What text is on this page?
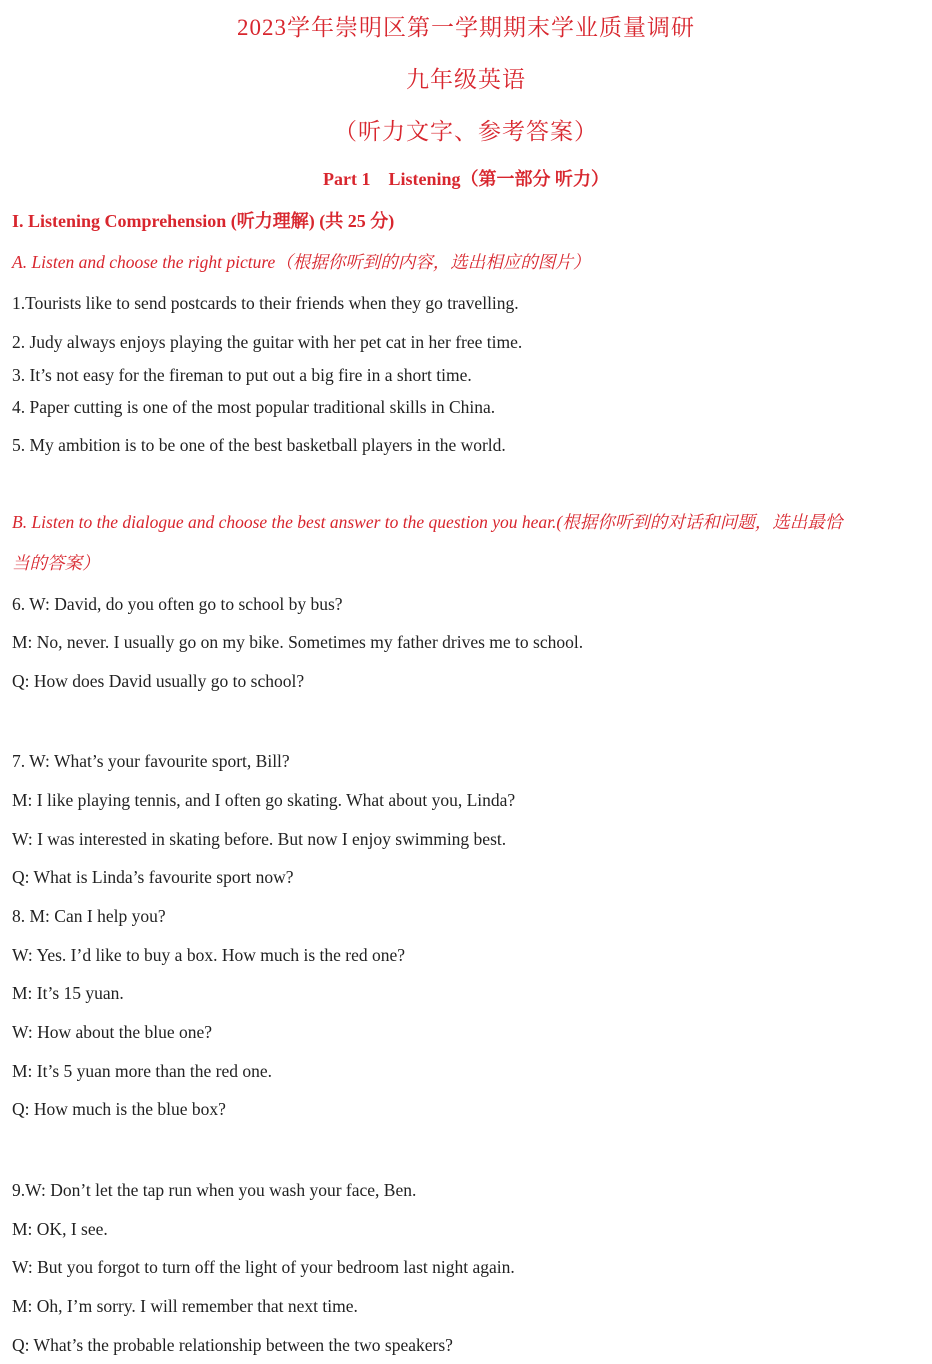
2023学年崇明区第一学期期末学业质量调研
九年级英语
（听力文字、参考答案）
Part 1　Listening（第一部分 听力）
I. Listening Comprehension (听力理解) (共 25 分)
A. Listen and choose the right picture（根据你听到的内容，选出相应的图片）
1.Tourists like to send postcards to their friends when they go travelling.
2. Judy always enjoys playing the guitar with her pet cat in her free time.
3. It’s not easy for the fireman to put out a big fire in a short time.
4. Paper cutting is one of the most popular traditional skills in China.
5. My ambition is to be one of the best basketball players in the world.
B. Listen to the dialogue and choose the best answer to the question you hear.(根据你听到的对话和问题，选出最恰
当的答案）
6. W: David, do you often go to school by bus?
M: No, never. I usually go on my bike. Sometimes my father drives me to school.
Q: How does David usually go to school?
7. W: What’s your favourite sport, Bill?
M: I like playing tennis, and I often go skating. What about you, Linda?
W: I was interested in skating before. But now I enjoy swimming best.
Q: What is Linda’s favourite sport now?
8. M: Can I help you?
W: Yes. I’d like to buy a box. How much is the red one?
M: It’s 15 yuan.
W: How about the blue one?
M: It’s 5 yuan more than the red one.
Q: How much is the blue box?
9.W: Don’t let the tap run when you wash your face, Ben.
M: OK, I see.
W: But you forgot to turn off the light of your bedroom last night again.
M: Oh, I’m sorry. I will remember that next time.
Q: What’s the probable relationship between the two speakers?
